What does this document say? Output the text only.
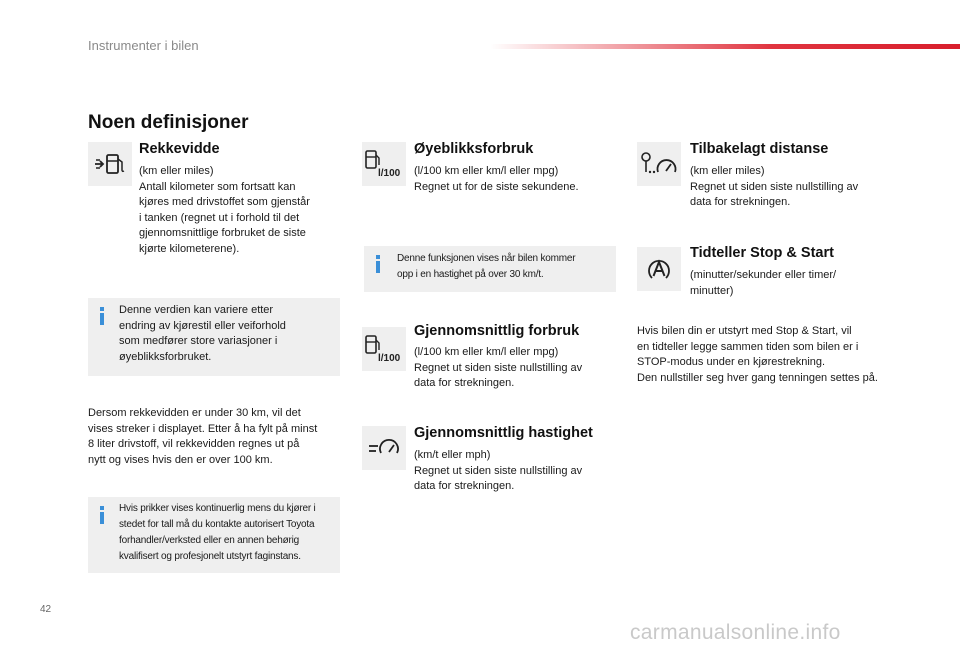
Instrumenter i bilen
Noen definisjoner
Rekkevidde
(km eller miles)
Antall kilometer som fortsatt kan
kjøres med drivstoffet som gjenstår
i tanken (regnet ut i forhold til det
gjennomsnittlige forbruket de siste
kjørte kilometerene).
Denne verdien kan variere etter
endring av kjørestil eller veiforhold
som medfører store variasjoner i
øyeblikksforbruket.
Dersom rekkevidden er under 30 km, vil det
vises streker i displayet. Etter å ha fylt på minst
8 liter drivstoff, vil rekkevidden regnes ut på
nytt og vises hvis den er over 100 km.
Hvis prikker vises kontinuerlig mens du kjører i
stedet for tall må du kontakte autorisert Toyota
forhandler/verksted eller en annen behørig
kvalifisert og profesjonelt utstyrt faginstans.
l/100
Øyeblikksforbruk
(l/100 km eller km/l eller mpg)
Regnet ut for de siste sekundene.
Denne funksjonen vises når bilen kommer
opp i en hastighet på over 30 km/t.
l/100
Gjennomsnittlig forbruk
(l/100 km eller km/l eller mpg)
Regnet ut siden siste nullstilling av
data for strekningen.
Gjennomsnittlig hastighet
(km/t eller mph)
Regnet ut siden siste nullstilling av
data for strekningen.
Tilbakelagt distanse
(km eller miles)
Regnet ut siden siste nullstilling av
data for strekningen.
Tidteller Stop & Start
(minutter/sekunder eller timer/
minutter)
Hvis bilen din er utstyrt med Stop & Start, vil
en tidteller legge sammen tiden som bilen er i
STOP-modus under en kjørestrekning.
Den nullstiller seg hver gang tenningen settes på.
42
carmanualsonline.info
